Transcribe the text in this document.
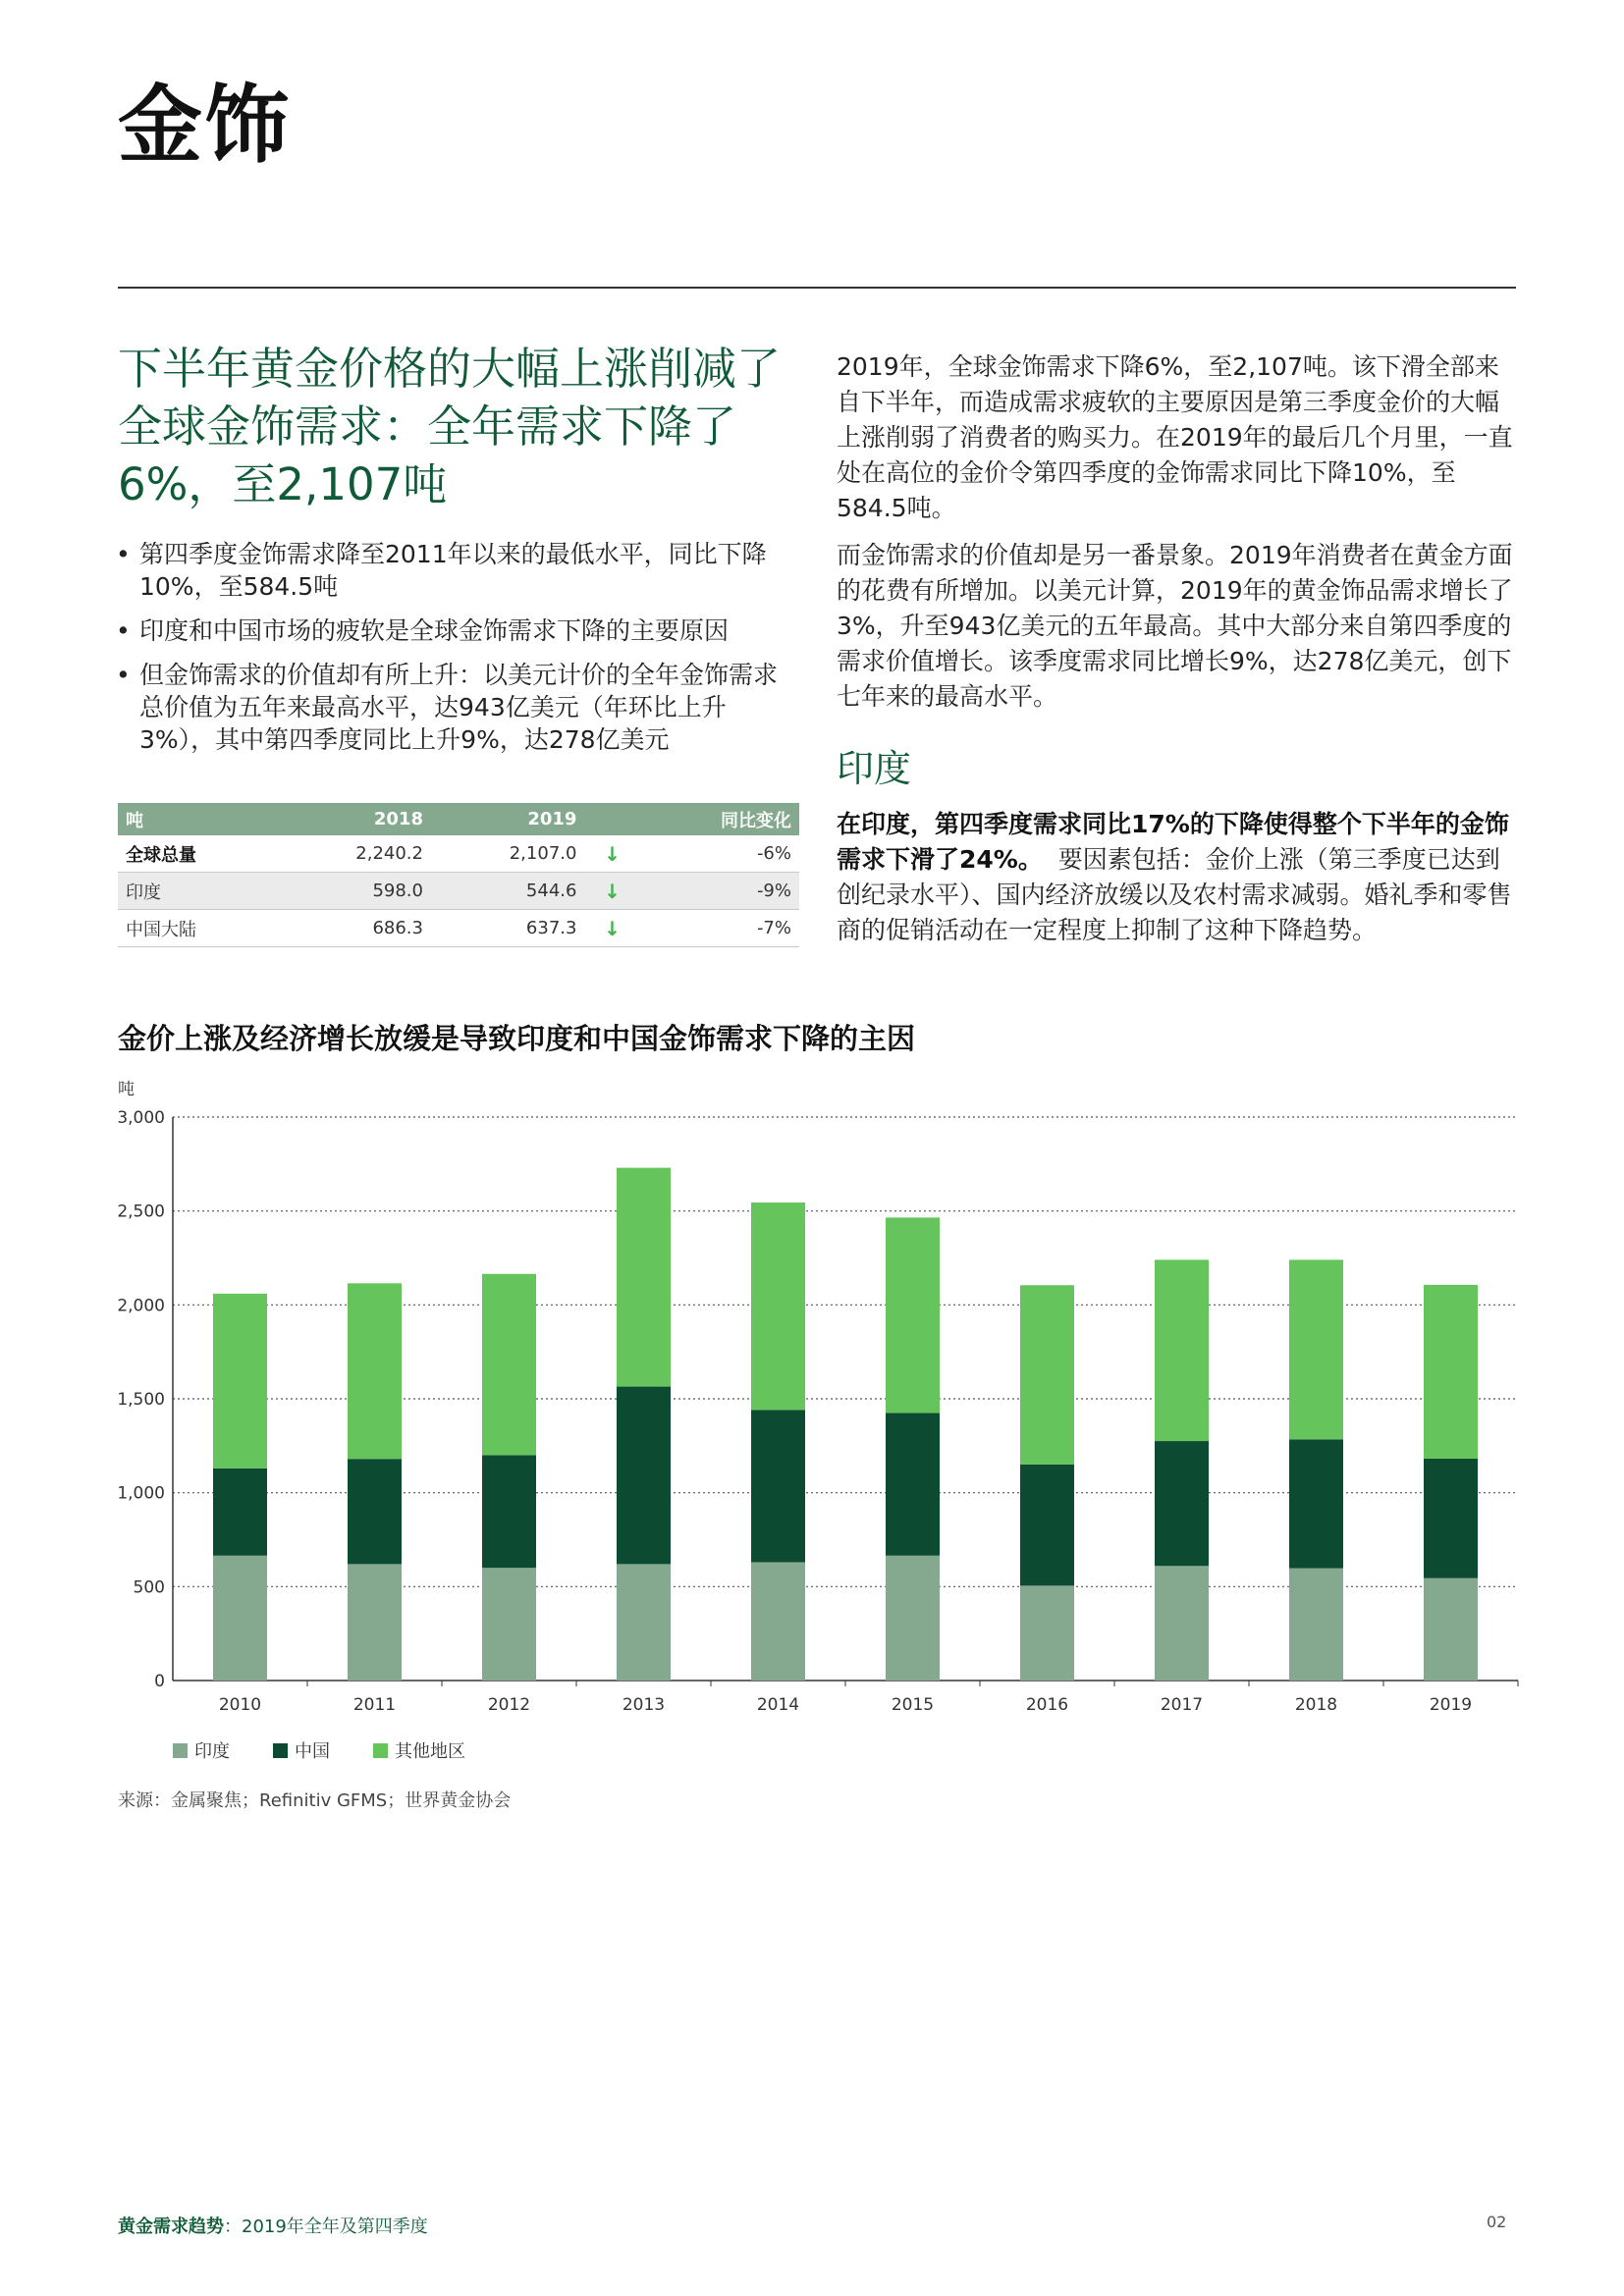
金饰
下半年黄金价格的大幅上涨削减了全球金饰需求：全年需求下降了6%，至2,107吨
• 第四季度金饰需求降至2011年以来的最低水平，同比下降10%，至584.5吨
• 印度和中国市场的疲软是全球金饰需求下降的主要原因
• 但金饰需求的价值却有所上升：以美元计价的全年金饰需求总价值为五年来最高水平，达943亿美元（年环比上升3%），其中第四季度同比上升9%，达278亿美元
吨	2018	2019		同比变化
全球总量	2,240.2	2,107.0	↓	-6%
印度	598.0	544.6	↓	-9%
中国大陆	686.3	637.3	↓	-7%

2019年，全球金饰需求下降6%，至2,107吨。该下滑全部来自下半年，而造成需求疲软的主要原因是第三季度金价的大幅上涨削弱了消费者的购买力。在2019年的最后几个月里，一直处在高位的金价令第四季度的金饰需求同比下降10%，至584.5吨。

而金饰需求的价值却是另一番景象。2019年消费者在黄金方面的花费有所增加。以美元计算，2019年的黄金饰品需求增长了3%，升至943亿美元的五年最高。其中大部分来自第四季度的需求价值增长。该季度需求同比增长9%，达278亿美元，创下七年来的最高水平。

印度

在印度，第四季度需求同比17%的下降使得整个下半年的金饰需求下滑了24%。 要因素包括：金价上涨（第三季度已达到创纪录水平）、国内经济放缓以及农村需求减弱。婚礼季和零售商的促销活动在一定程度上抑制了这种下降趋势。

金价上涨及经济增长放缓是导致印度和中国金饰需求下降的主因
吨
0
500
1,000
1,500
2,000
2,500
3,000
2010	2011	2012	2013	2014	2015	2016	2017	2018	2019
印度	中国	其他地区
来源：金属聚焦；Refinitiv GFMS；世界黄金协会
黄金需求趋势：2019年全年及第四季度	02
